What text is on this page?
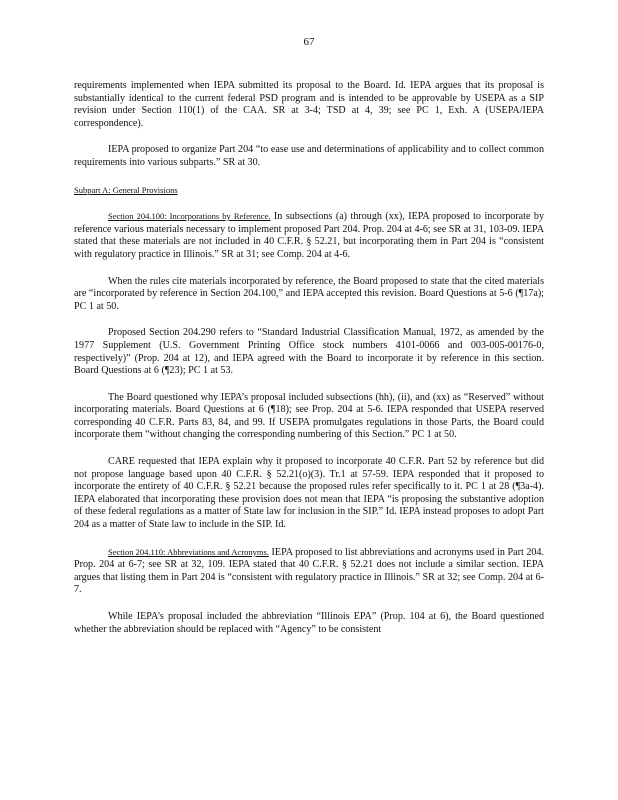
67

requirements implemented when IEPA submitted its proposal to the Board. Id. IEPA argues that its proposal is substantially identical to the current federal PSD program and is intended to be approvable by USEPA as a SIP revision under Section 110(1) of the CAA. SR at 3-4; TSD at 4, 39; see PC 1, Exh. A (USEPA/IEPA correspondence).

IEPA proposed to organize Part 204 “to ease use and determinations of applicability and to collect common requirements into various subparts.” SR at 30.

Subpart A: General Provisions

Section 204.100: Incorporations by Reference. In subsections (a) through (xx), IEPA proposed to incorporate by reference various materials necessary to implement proposed Part 204. Prop. 204 at 4-6; see SR at 31, 103-09. IEPA stated that these materials are not included in 40 C.F.R. § 52.21, but incorporating them in Part 204 is “consistent with regulatory practice in Illinois.” SR at 31; see Comp. 204 at 4-6.

When the rules cite materials incorporated by reference, the Board proposed to state that the cited materials are “incorporated by reference in Section 204.100,” and IEPA accepted this revision. Board Questions at 5-6 (¶17a); PC 1 at 50.

Proposed Section 204.290 refers to “Standard Industrial Classification Manual, 1972, as amended by the 1977 Supplement (U.S. Government Printing Office stock numbers 4101-0066 and 003-005-00176-0, respectively)” (Prop. 204 at 12), and IEPA agreed with the Board to incorporate it by reference in this section. Board Questions at 6 (¶23); PC 1 at 53.

The Board questioned why IEPA’s proposal included subsections (hh), (ii), and (xx) as “Reserved” without incorporating materials. Board Questions at 6 (¶18); see Prop. 204 at 5-6. IEPA responded that USEPA reserved corresponding 40 C.F.R. Parts 83, 84, and 99. If USEPA promulgates regulations in those Parts, the Board could incorporate them “without changing the corresponding numbering of this Section.” PC 1 at 50.

CARE requested that IEPA explain why it proposed to incorporate 40 C.F.R. Part 52 by reference but did not propose language based upon 40 C.F.R. § 52.21(o)(3). Tr.1 at 57-59. IEPA responded that it proposed to incorporate the entirety of 40 C.F.R. § 52.21 because the proposed rules refer specifically to it. PC 1 at 28 (¶3a-4). IEPA elaborated that incorporating these provision does not mean that IEPA “is proposing the substantive adoption of these federal regulations as a matter of State law for inclusion in the SIP.” Id. IEPA instead proposes to adopt Part 204 as a matter of State law to include in the SIP. Id.

Section 204.110: Abbreviations and Acronyms. IEPA proposed to list abbreviations and acronyms used in Part 204. Prop. 204 at 6-7; see SR at 32, 109. IEPA stated that 40 C.F.R. § 52.21 does not include a similar section. IEPA argues that listing them in Part 204 is “consistent with regulatory practice in Illinois.” SR at 32; see Comp. 204 at 6-7.

While IEPA’s proposal included the abbreviation “Illinois EPA” (Prop. 104 at 6), the Board questioned whether the abbreviation should be replaced with “Agency” to be consistent
